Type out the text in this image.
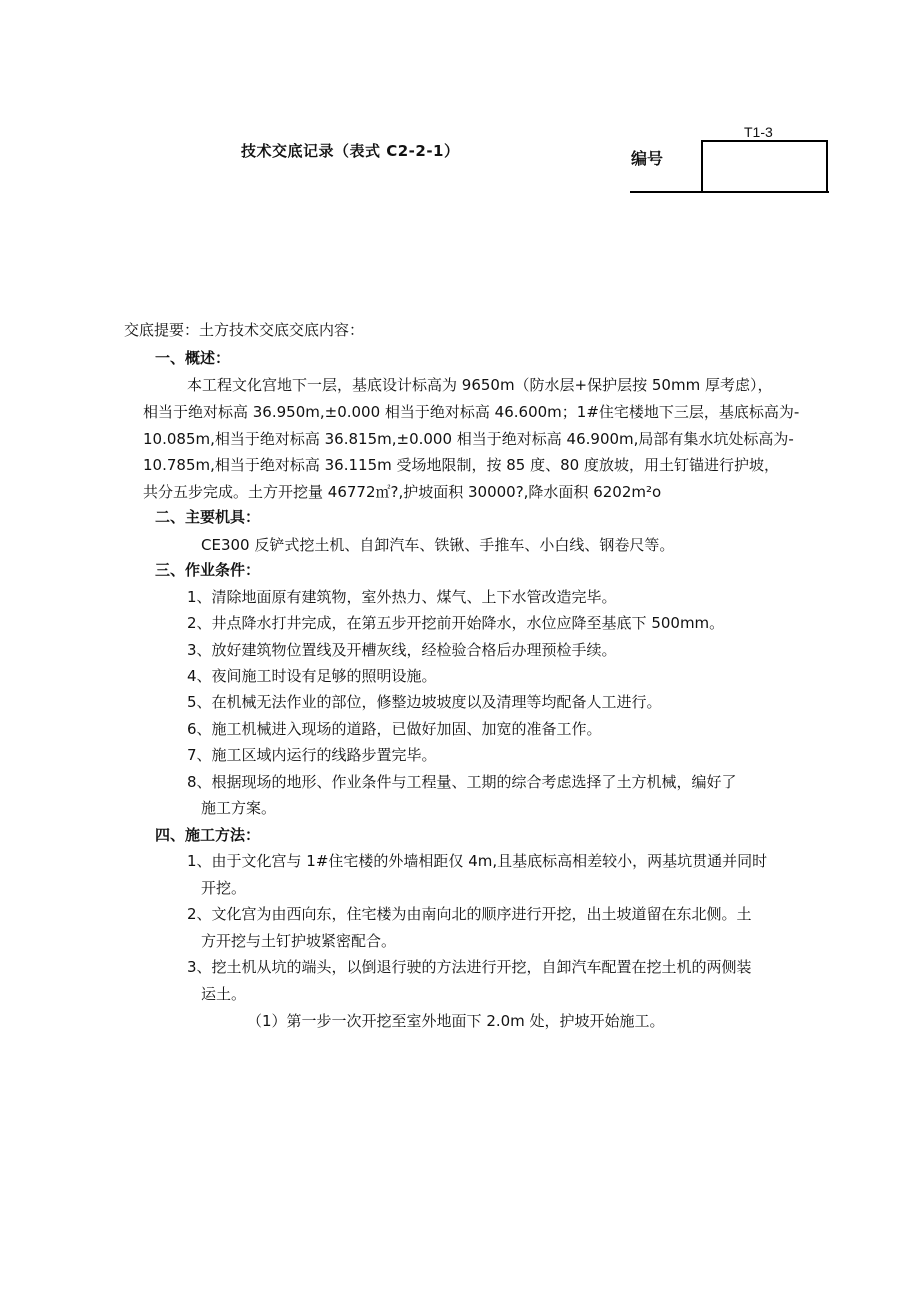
技术交底记录（表式 C2-2-1）
T1-3
编号
交底提要：土方技术交底交底内容：
一、概述：
本工程文化宫地下一层，基底设计标高为 9650m（防水层+保护层按 50mm 厚考虑），
相当于绝对标高 36.950m,±0.000 相当于绝对标高 46.600m；1#住宅楼地下三层，基底标高为-
10.085m,相当于绝对标高 36.815m,±0.000 相当于绝对标高 46.900m,局部有集水坑处标高为-
10.785m,相当于绝对标高 36.115m 受场地限制，按 85 度、80 度放坡，用土钉锚进行护坡，
共分五步完成。土方开挖量 46772㎡?,护坡面积 30000?,降水面积 6202m²o
二、主要机具：
CE300 反铲式挖土机、自卸汽车、铁锹、手推车、小白线、钢卷尺等。
三、作业条件：
1、清除地面原有建筑物，室外热力、煤气、上下水管改造完毕。
2、井点降水打井完成，在第五步开挖前开始降水，水位应降至基底下 500mm。
3、放好建筑物位置线及开槽灰线，经检验合格后办理预检手续。
4、夜间施工时设有足够的照明设施。
5、在机械无法作业的部位，修整边坡坡度以及清理等均配备人工进行。
6、施工机械进入现场的道路，已做好加固、加宽的准备工作。
7、施工区域内运行的线路步置完毕。
8、根据现场的地形、作业条件与工程量、工期的综合考虑选择了土方机械，编好了
施工方案。
四、施工方法：
1、由于文化宫与 1#住宅楼的外墙相距仅 4m,且基底标高相差较小，两基坑贯通并同时
开挖。
2、文化宫为由西向东，住宅楼为由南向北的顺序进行开挖，出土坡道留在东北侧。土
方开挖与土钉护坡紧密配合。
3、挖土机从坑的端头，以倒退行驶的方法进行开挖，自卸汽车配置在挖土机的两侧装
运土。
（1）第一步一次开挖至室外地面下 2.0m 处，护坡开始施工。
